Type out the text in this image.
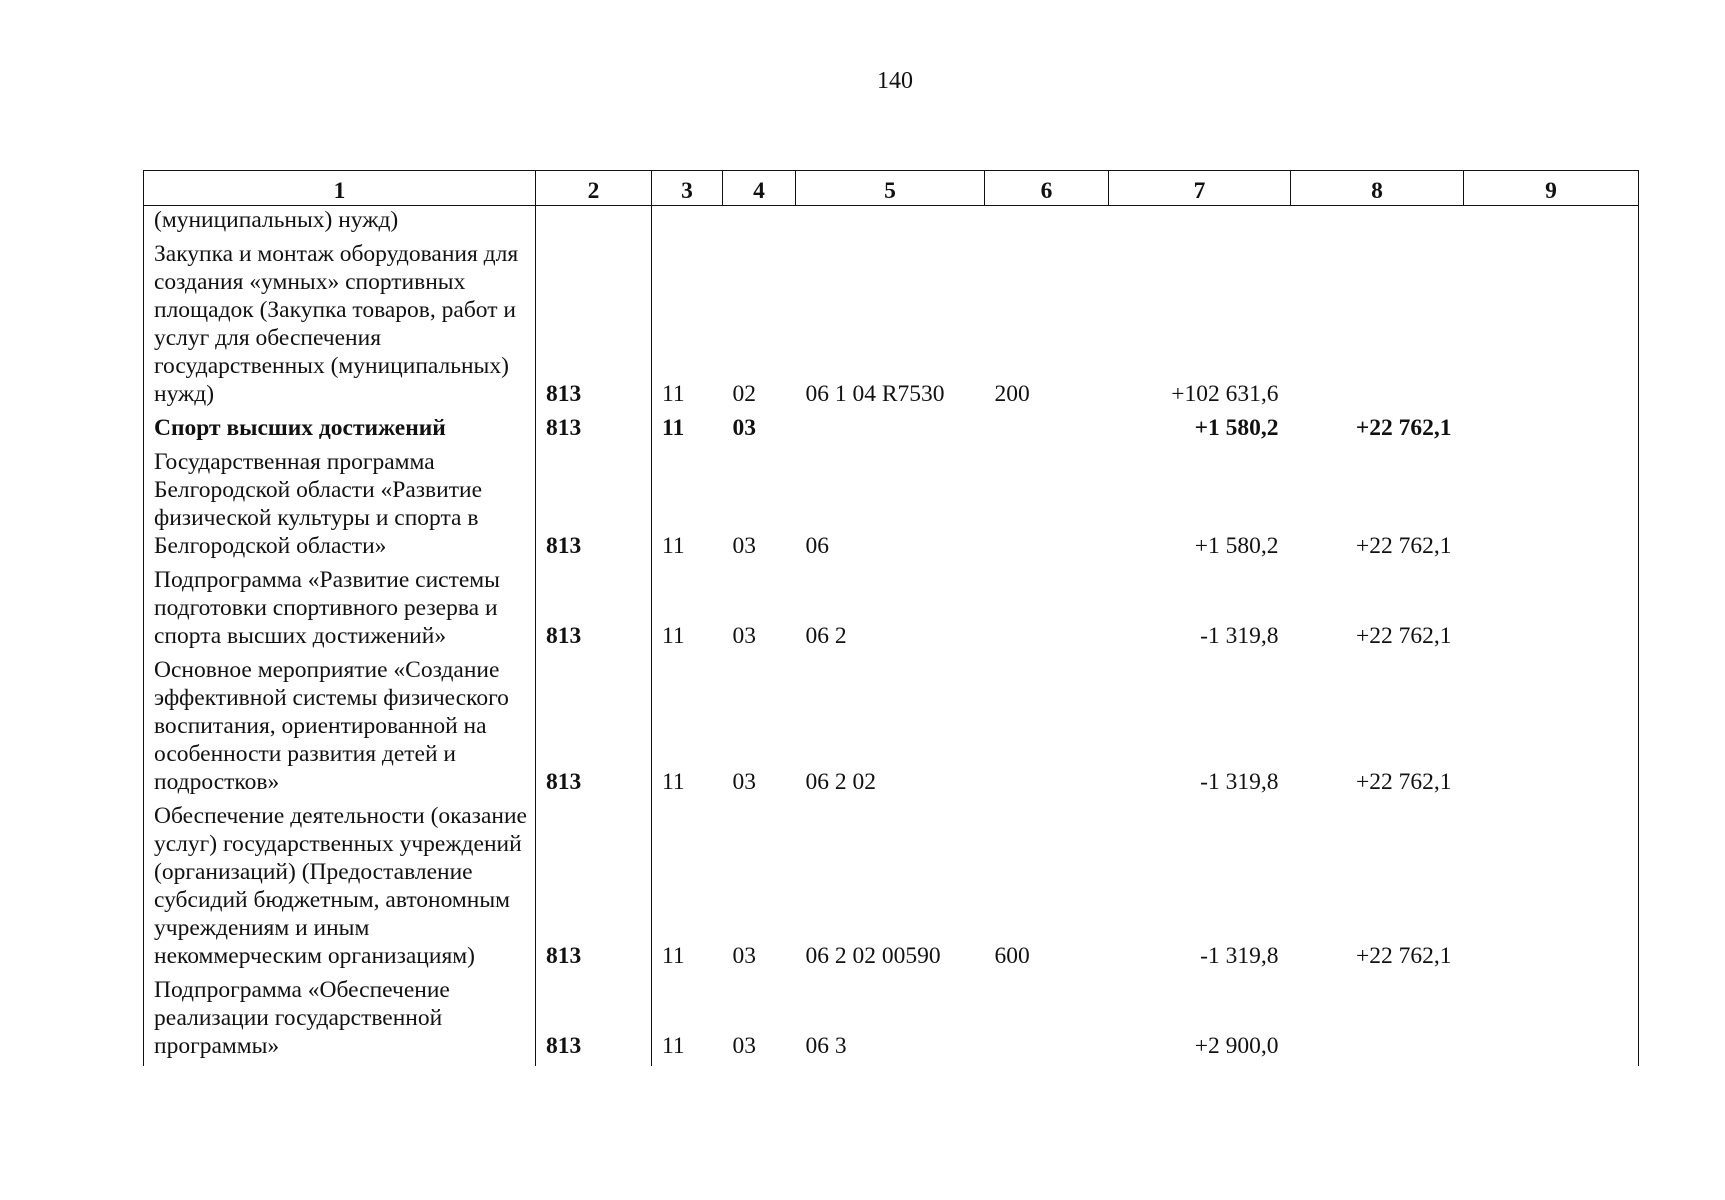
140
1	2	3	4	5	6	7	8	9
(муниципальных) нужд)								
Закупка и монтаж оборудования для создания «умных» спортивных площадок (Закупка товаров, работ и услуг для обеспечения государственных (муниципальных) нужд)	813	11	02	06 1 04 R7530	200	+102 631,6		
Спорт высших достижений	813	11	03			+1 580,2	+22 762,1	
Государственная программа Белгородской области «Развитие физической культуры и спорта в Белгородской области»	813	11	03	06		+1 580,2	+22 762,1	
Подпрограмма «Развитие системы подготовки спортивного резерва и спорта высших достижений»	813	11	03	06 2		-1 319,8	+22 762,1	
Основное мероприятие «Создание эффективной системы физического воспитания, ориентированной на особенности развития детей и подростков»	813	11	03	06 2 02		-1 319,8	+22 762,1	
Обеспечение деятельности (оказание услуг) государственных учреждений (организаций) (Предоставление субсидий бюджетным, автономным учреждениям и иным некоммерческим организациям)	813	11	03	06 2 02 00590	600	-1 319,8	+22 762,1	
Подпрограмма «Обеспечение реализации государственной программы»	813	11	03	06 3		+2 900,0		
